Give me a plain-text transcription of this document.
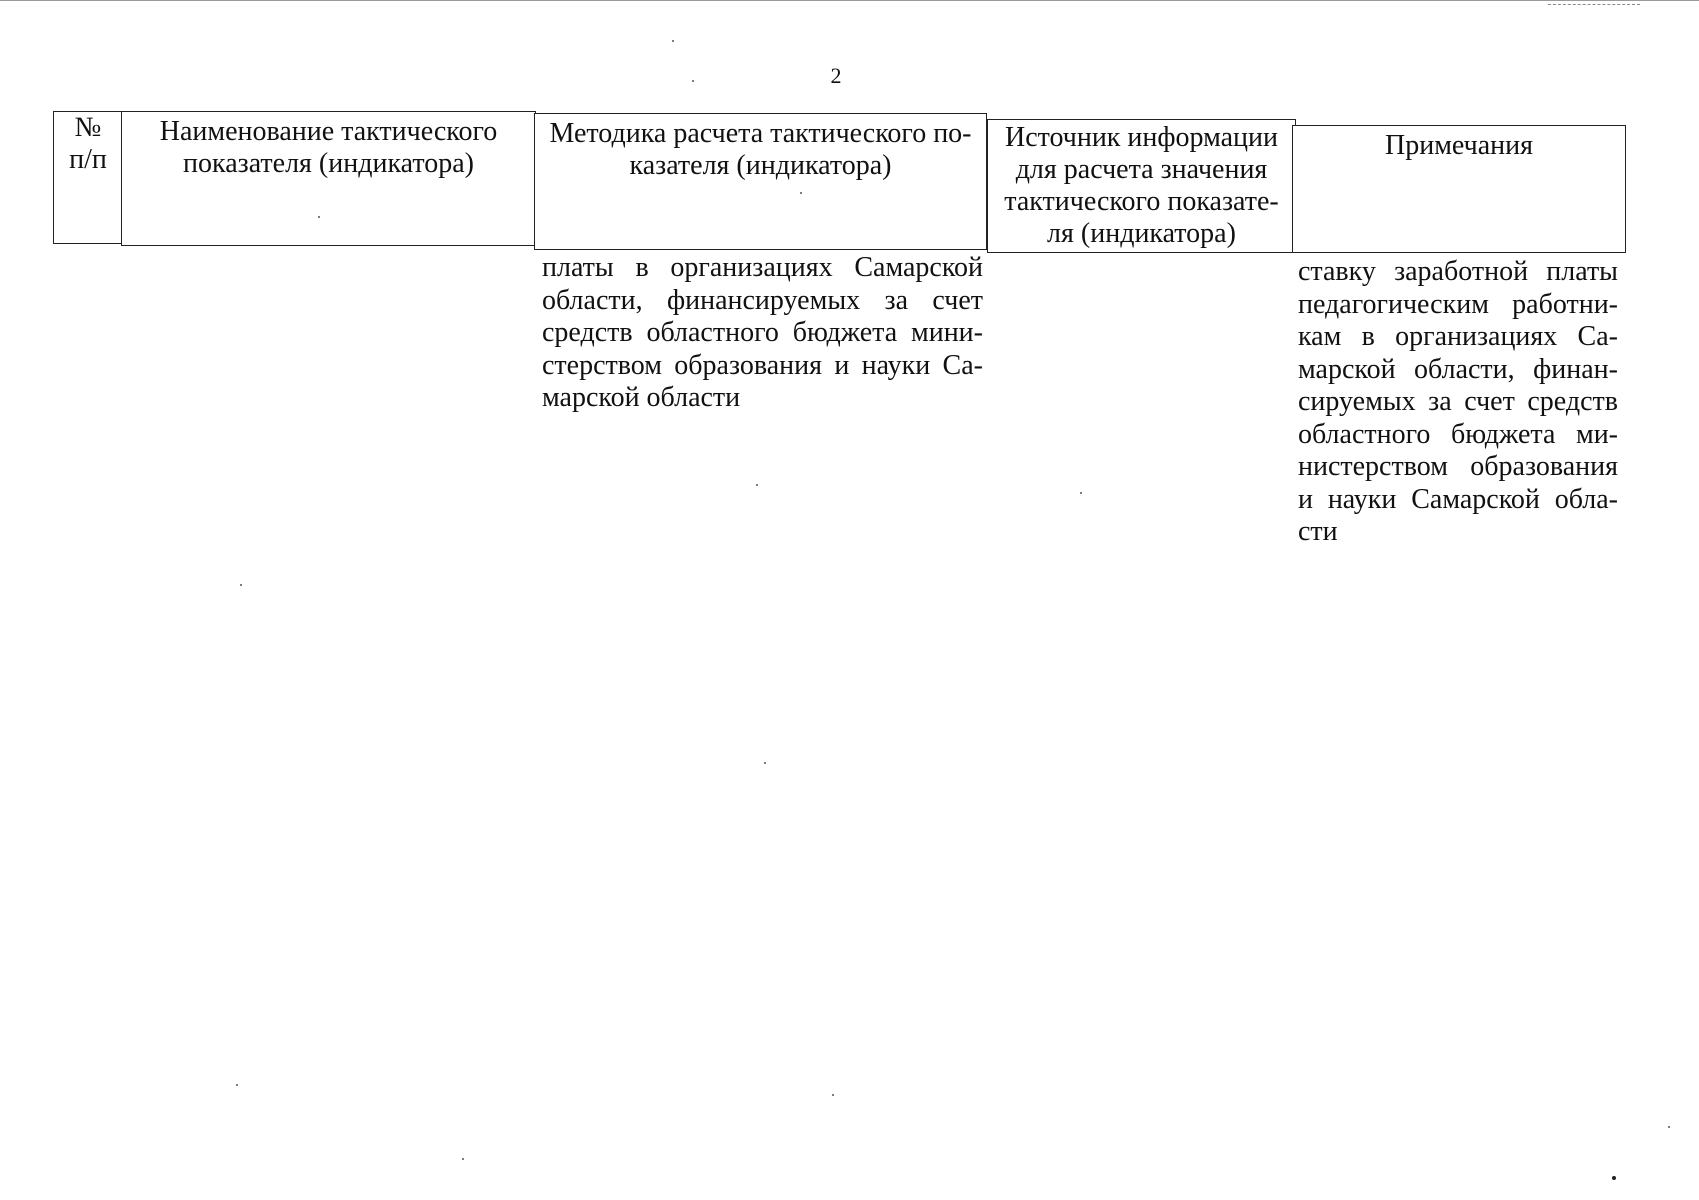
2
№
п/п
Наименование тактического
показателя (индикатора)
Методика расчета тактического по-
казателя (индикатора)
Источник информации
для расчета значения
тактического показате-
ля (индикатора)
Примечания
платы в организациях Самарской
области, финансируемых за счет
средств областного бюджета мини-
стерством образования и науки Са-
марской области
ставку заработной платы
педагогическим работни-
кам в организациях Са-
марской области, финан-
сируемых за счет средств
областного бюджета ми-
нистерством образования
и науки Самарской обла-
сти
